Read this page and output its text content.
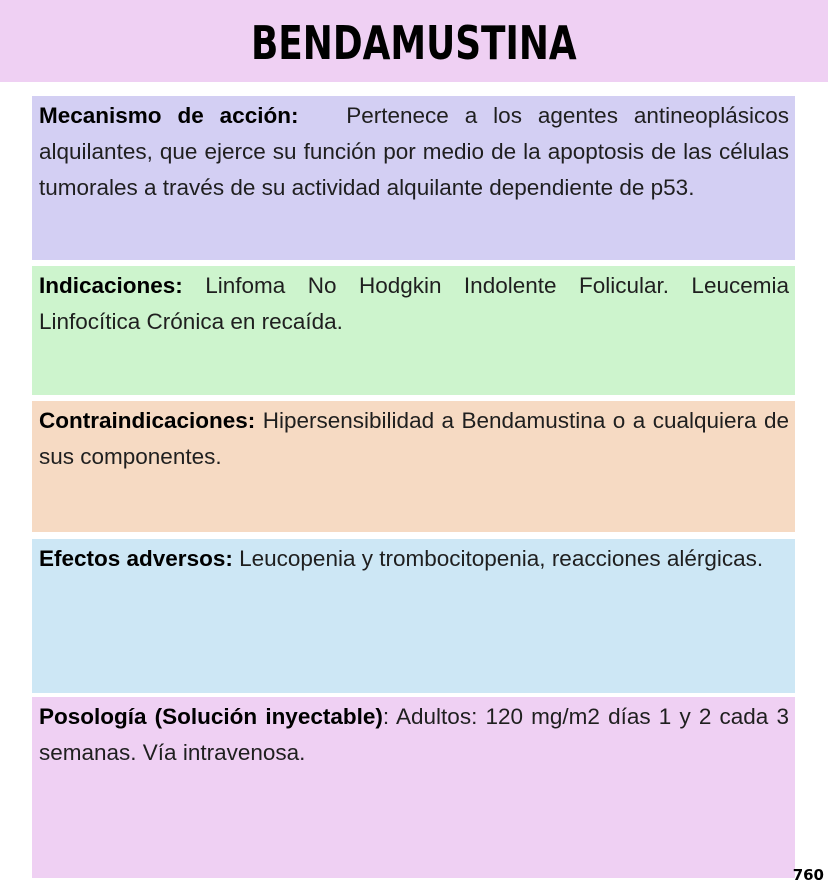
BENDAMUSTINA
Mecanismo de acción: Pertenece a los agentes antineoplásicos alquilantes, que ejerce su función por medio de la apoptosis de las células tumorales a través de su actividad alquilante dependiente de p53.
Indicaciones: Linfoma No Hodgkin Indolente Folicular. Leucemia Linfocítica Crónica en recaída.
Contraindicaciones: Hipersensibilidad a Bendamustina o a cualquiera de sus componentes.
Efectos adversos: Leucopenia y trombocitopenia, reacciones alérgicas.
Posología (Solución inyectable): Adultos: 120 mg/m2 días 1 y 2 cada 3 semanas. Vía intravenosa.
760
